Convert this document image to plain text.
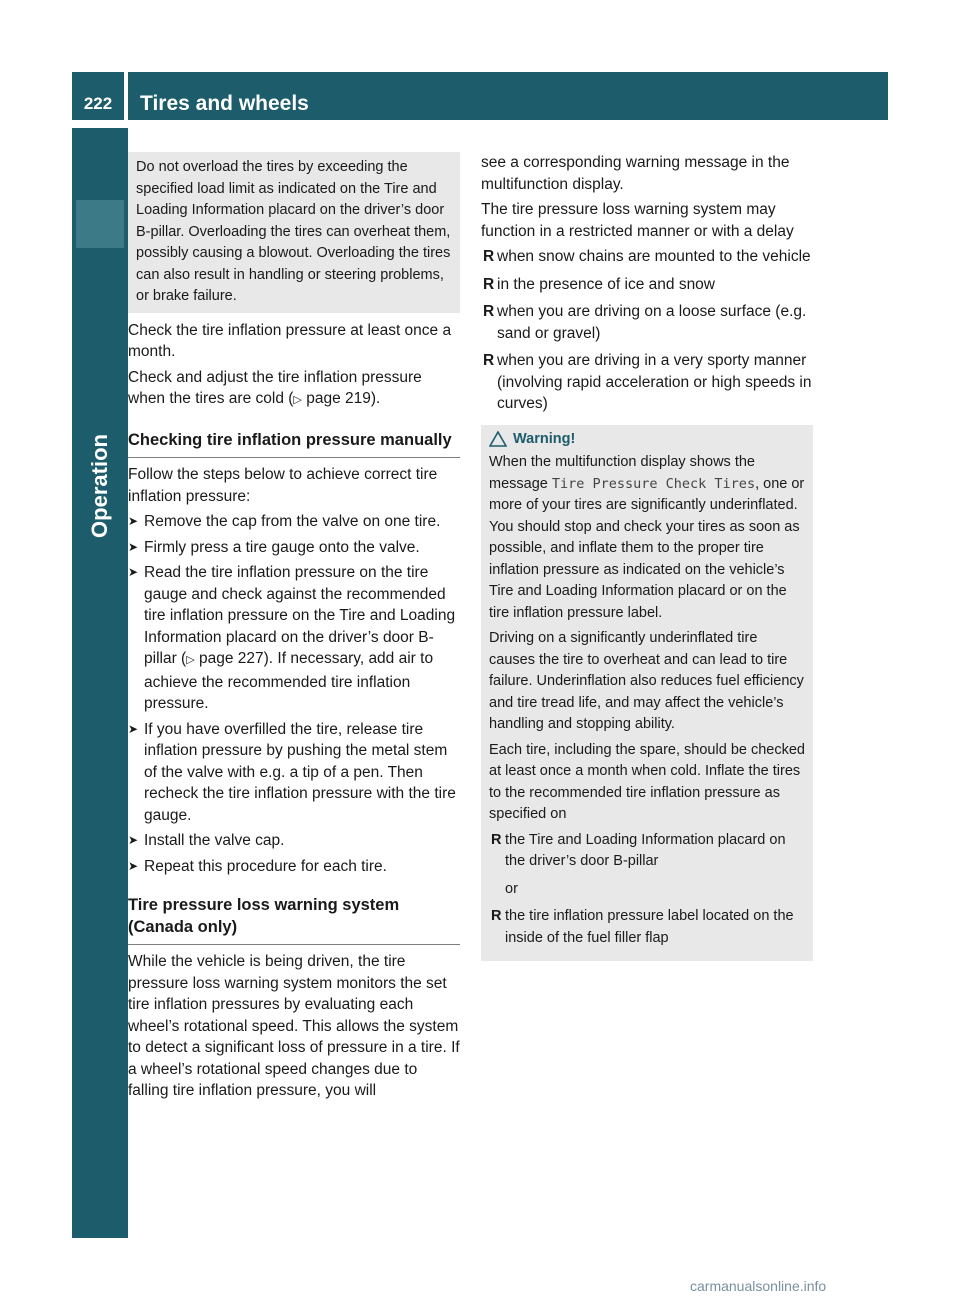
222	Tires and wheels
Operation
Do not overload the tires by exceeding the specified load limit as indicated on the Tire and Loading Information placard on the driver’s door B-pillar. Overloading the tires can overheat them, possibly causing a blowout. Overloading the tires can also result in handling or steering problems, or brake failure.

Check the tire inflation pressure at least once a month.

Check and adjust the tire inflation pressure when the tires are cold (▷ page 219).

Checking tire inflation pressure manually

Follow the steps below to achieve correct tire inflation pressure:

➤ Remove the cap from the valve on one tire.
➤ Firmly press a tire gauge onto the valve.
➤ Read the tire inflation pressure on the tire gauge and check against the recommended tire inflation pressure on the Tire and Loading Information placard on the driver’s door B-pillar (▷ page 227). If necessary, add air to achieve the recommended tire inflation pressure.
➤ If you have overfilled the tire, release tire inflation pressure by pushing the metal stem of the valve with e.g. a tip of a pen. Then recheck the tire inflation pressure with the tire gauge.
➤ Install the valve cap.
➤ Repeat this procedure for each tire.
Tire pressure loss warning system (Canada only)

While the vehicle is being driven, the tire pressure loss warning system monitors the set tire inflation pressures by evaluating each wheel’s rotational speed. This allows the system to detect a significant loss of pressure in a tire. If a wheel’s rotational speed changes due to falling tire inflation pressure, you will

see a corresponding warning message in the multifunction display.

The tire pressure loss warning system may function in a restricted manner or with a delay

R when snow chains are mounted to the vehicle
R in the presence of ice and snow
R when you are driving on a loose surface (e.g. sand or gravel)
R when you are driving in a very sporty manner (involving rapid acceleration or high speeds in curves)
Warning!

When the multifunction display shows the message Tire Pressure Check Tires, one or more of your tires are significantly underinflated. You should stop and check your tires as soon as possible, and inflate them to the proper tire inflation pressure as indicated on the vehicle’s Tire and Loading Information placard or on the tire inflation pressure label.

Driving on a significantly underinflated tire causes the tire to overheat and can lead to tire failure. Underinflation also reduces fuel efficiency and tire tread life, and may affect the vehicle’s handling and stopping ability.

Each tire, including the spare, should be checked at least once a month when cold. Inflate the tires to the recommended tire inflation pressure as specified on

R the Tire and Loading Information placard on the driver’s door B-pillar
or
R the tire inflation pressure label located on the inside of the fuel filler flap
carmanualsonline.info
